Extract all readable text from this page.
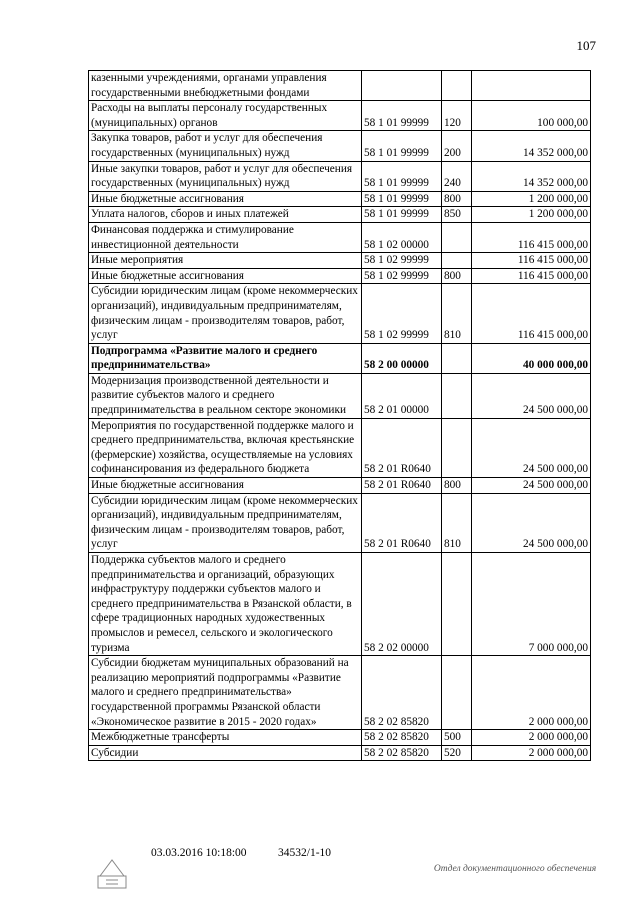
107
казенными учреждениями, органами управления государственными внебюджетными фондами			
Расходы на выплаты персоналу государственных (муниципальных) органов	58 1 01 99999	120	100 000,00
Закупка товаров, работ и услуг для обеспечения государственных (муниципальных) нужд	58 1 01 99999	200	14 352 000,00
Иные закупки товаров, работ и услуг для обеспечения государственных (муниципальных) нужд	58 1 01 99999	240	14 352 000,00
Иные бюджетные ассигнования	58 1 01 99999	800	1 200 000,00
Уплата налогов, сборов и иных платежей	58 1 01 99999	850	1 200 000,00
Финансовая поддержка и стимулирование инвестиционной деятельности	58 1 02 00000		116 415 000,00
Иные мероприятия	58 1 02 99999		116 415 000,00
Иные бюджетные ассигнования	58 1 02 99999	800	116 415 000,00
Субсидии юридическим лицам (кроме некоммерческих организаций), индивидуальным предпринимателям, физическим лицам - производителям товаров, работ, услуг	58 1 02 99999	810	116 415 000,00
Подпрограмма «Развитие малого и среднего предпринимательства»	58 2 00 00000		40 000 000,00
Модернизация производственной деятельности и развитие субъектов малого и среднего предпринимательства в реальном секторе экономики	58 2 01 00000		24 500 000,00
Мероприятия по государственной поддержке малого и среднего предпринимательства, включая крестьянские (фермерские) хозяйства, осуществляемые на условиях софинансирования из федерального бюджета	58 2 01 R0640		24 500 000,00
Иные бюджетные ассигнования	58 2 01 R0640	800	24 500 000,00
Субсидии юридическим лицам (кроме некоммерческих организаций), индивидуальным предпринимателям, физическим лицам - производителям товаров, работ, услуг	58 2 01 R0640	810	24 500 000,00
Поддержка субъектов малого и среднего предпринимательства и организаций, образующих инфраструктуру поддержки субъектов малого и среднего предпринимательства в Рязанской области, в сфере традиционных народных художественных промыслов и ремесел, сельского и экологического туризма	58 2 02 00000		7 000 000,00
Субсидии бюджетам муниципальных образований на реализацию мероприятий подпрограммы «Развитие малого и среднего предпринимательства» государственной программы Рязанской области «Экономическое развитие в 2015 - 2020 годах»	58 2 02 85820		2 000 000,00
Межбюджетные трансферты	58 2 02 85820	500	2 000 000,00
Субсидии	58 2 02 85820	520	2 000 000,00
03.03.2016 10:18:00	34532/1-10
Отдел документационного обеспечения
